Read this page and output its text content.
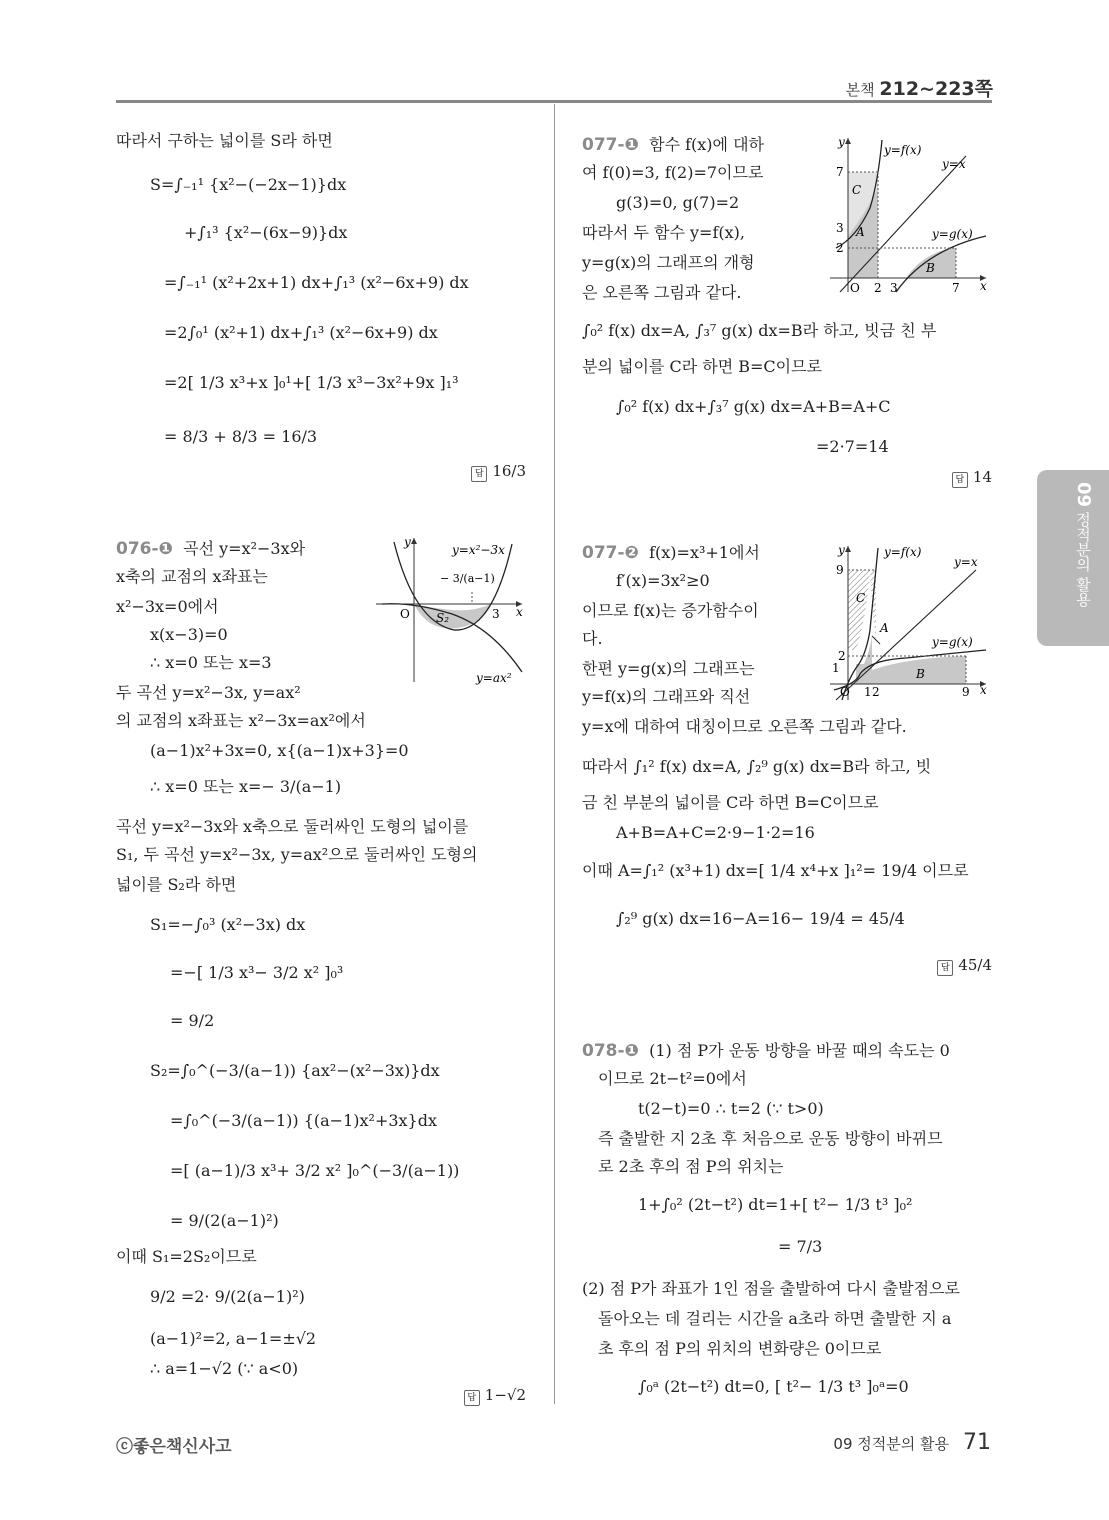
본책 212~223쪽
따라서 구하는 넓이를 S라 하면
S=∫₋₁¹ {x²−(−2x−1)}dx
+∫₁³ {x²−(6x−9)}dx
=∫₋₁¹ (x²+2x+1) dx+∫₁³ (x²−6x+9) dx
=2∫₀¹ (x²+1) dx+∫₁³ (x²−6x+9) dx
=2[ 1/3 x³+x ]₀¹+[ 1/3 x³−3x²+9x ]₁³
= 8/3 + 8/3 = 16/3
답 16/3
076-❶ 곡선 y=x²−3x와
x축의 교점의 x좌표는
x²−3x=0에서
x(x−3)=0
∴ x=0 또는 x=3
두 곡선 y=x²−3x, y=ax²
의 교점의 x좌표는 x²−3x=ax²에서
(a−1)x²+3x=0, x{(a−1)x+3}=0
∴ x=0 또는 x=− 3/(a−1)
곡선 y=x²−3x와 x축으로 둘러싸인 도형의 넓이를
S₁, 두 곡선 y=x²−3x, y=ax²으로 둘러싸인 도형의
넓이를 S₂라 하면
S₁=−∫₀³ (x²−3x) dx
=−[ 1/3 x³− 3/2 x² ]₀³
= 9/2
S₂=∫₀^(−3/(a−1)) {ax²−(x²−3x)}dx
=∫₀^(−3/(a−1)) {(a−1)x²+3x}dx
=[ (a−1)/3 x³+ 3/2 x² ]₀^(−3/(a−1))
= 9/(2(a−1)²)
이때 S₁=2S₂이므로
9/2 =2· 9/(2(a−1)²)
(a−1)²=2, a−1=±√2
∴ a=1−√2 (∵ a<0)
답 1−√2
y
y=x²−3x
− 3/(a−1)
O S₂	3 x
y=ax²
077-❶ 함수 f(x)에 대하
여 f(0)=3, f(2)=7이므로
g(3)=0, g(7)=2
따라서 두 함수 y=f(x),
y=g(x)의 그래프의 개형
은 오른쪽 그림과 같다.
∫₀² f(x) dx=A, ∫₃⁷ g(x) dx=B라 하고, 빗금 친 부
분의 넓이를 C라 하면 B=C이므로
∫₀² f(x) dx+∫₃⁷ g(x) dx=A+B=A+C
=2·7=14
답 14
077-❷ f(x)=x³+1에서
f′(x)=3x²≥0
이므로 f(x)는 증가함수이
다.
한편 y=g(x)의 그래프는
y=f(x)의 그래프와 직선
y=x에 대하여 대칭이므로 오른쪽 그림과 같다.
따라서 ∫₁² f(x) dx=A, ∫₂⁹ g(x) dx=B라 하고, 빗
금 친 부분의 넓이를 C라 하면 B=C이므로
A+B=A+C=2·9−1·2=16
이때 A=∫₁² (x³+1) dx=[ 1/4 x⁴+x ]₁²= 19/4 이므로
∫₂⁹ g(x) dx=16−A=16− 19/4 = 45/4
답 45/4
078-❶ (1) 점 P가 운동 방향을 바꿀 때의 속도는 0
이므로 2t−t²=0에서
t(2−t)=0 ∴ t=2 (∵ t>0)
즉 출발한 지 2초 후 처음으로 운동 방향이 바뀌므
로 2초 후의 점 P의 위치는
1+∫₀² (2t−t²) dt=1+[ t²− 1/3 t³ ]₀²
= 7/3
(2) 점 P가 좌표가 1인 점을 출발하여 다시 출발점으로
돌아오는 데 걸리는 시간을 a초라 하면 출발한 지 a
초 후의 점 P의 위치의 변화량은 0이므로
∫₀ᵃ (2t−t²) dt=0, [ t²− 1/3 t³ ]₀ᵃ=0
y
y=f(x)
y=x
7
C
3 A
2
y=g(x)
B
O 2 3	7 x
y	y=f(x)
y=x
9
C
A
y=g(x)
2
1	B
O 1 2	9 x
09 정적분의 활용
ⓒ좋은책신사고	09 정적분의 활용 71
